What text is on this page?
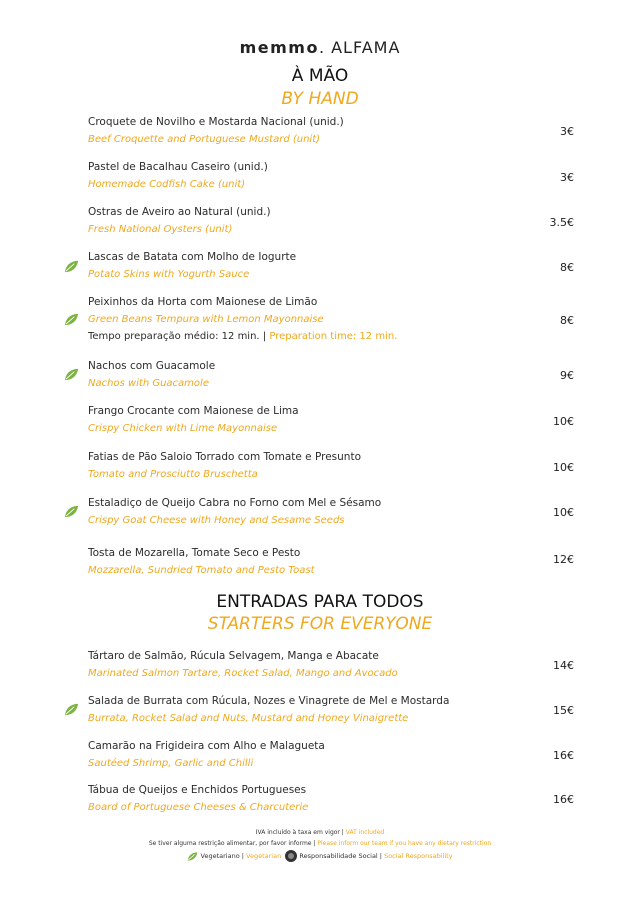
memmo. ALFAMA
À MÃO
BY HAND
Croquete de Novilho e Mostarda Nacional (unid.)
Beef Croquette and Portuguese Mustard (unit)
3€
Pastel de Bacalhau Caseiro (unid.)
Homemade Codfish Cake (unit)
3€
Ostras de Aveiro ao Natural (unid.)
Fresh National Oysters (unit)
3.5€
Lascas de Batata com Molho de Iogurte
Potato Skins with Yogurth Sauce
8€
Peixinhos da Horta com Maionese de Limão
Green Beans Tempura with Lemon Mayonnaise
Tempo preparação médio: 12 min. | Preparation time: 12 min.
8€
Nachos com Guacamole
Nachos with Guacamole
9€
Frango Crocante com Maionese de Lima
Crispy Chicken with Lime Mayonnaise
10€
Fatias de Pão Saloio Torrado com Tomate e Presunto
Tomato and Prosciutto Bruschetta
10€
Estaladiço de Queijo Cabra no Forno com Mel e Sésamo
Crispy Goat Cheese with Honey and Sesame Seeds
10€
Tosta de Mozarella, Tomate Seco e Pesto
Mozzarella, Sundried Tomato and Pesto Toast
12€
ENTRADAS PARA TODOS
STARTERS FOR EVERYONE
Tártaro de Salmão, Rúcula Selvagem, Manga e Abacate
Marinated Salmon Tartare, Rocket Salad, Mango and Avocado
14€
Salada de Burrata com Rúcula, Nozes e Vinagrete de Mel e Mostarda
Burrata, Rocket Salad and Nuts, Mustard and Honey Vinaigrette
15€
Camarão na Frigideira com Alho e Malagueta
Sautéed Shrimp, Garlic and Chilli
16€
Tábua de Queijos e Enchidos Portugueses
Board of Portuguese Cheeses & Charcuterie
16€
IVA incluído à taxa em vigor | VAT included
Se tiver alguma restrição alimentar, por favor informe | Please inform our team if you have any dietary restriction
Vegetariano | Vegetarian	Responsabilidade Social | Social Responsability
